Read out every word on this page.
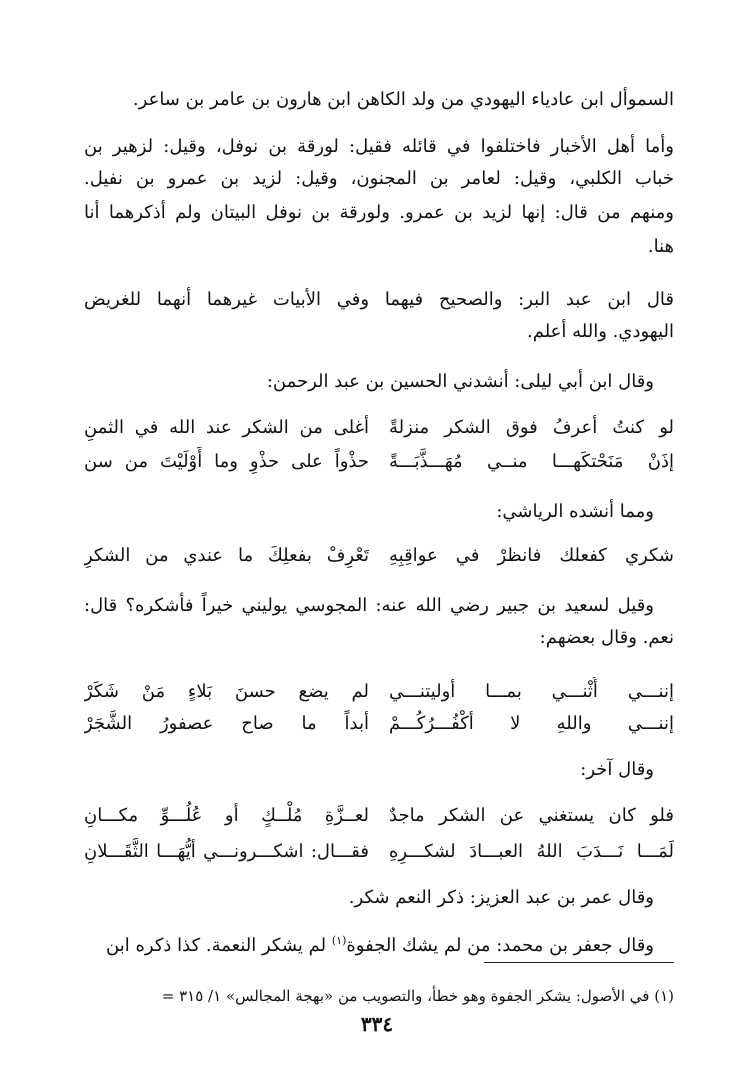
السموأل ابن عادياء اليهودي من ولد الكاهن ابن هارون بن عامر بن ساعر.
وأما أهل الأخبار فاختلفوا في قائله فقيل: لورقة بن نوفل، وقيل: لزهير بن
خباب الكلبي، وقيل: لعامر بن المجنون، وقيل: لزيد بن عمرو بن نفيل.
ومنهم من قال: إنها لزيد بن عمرو. ولورقة بن نوفل البيتان ولم أذكرهما أنا
هنا.
قال ابن عبد البر: والصحيح فيهما وفي الأبيات غيرهما أنهما للغريض
اليهودي. والله أعلم.
وقال ابن أبي ليلى: أنشدني الحسين بن عبد الرحمن:
لو كنتُ أعرفُ فوق الشكر منزلةً
أغلى من الشكر عند الله في الثمنِ
إذَنْ مَنَحْتكَهـــا منــي مُهَـــذَّبَـــةً
حذْواً على حذْوِ وما أَوْلَيْتَ من سن
ومما أنشده الرياشي:
شكري كفعلك فانظرْ في عواقِبِهِ
تَعْرِفْ بفعلِكَ ما عندي من الشكرِ
وقيل لسعيد بن جبير رضي الله عنه: المجوسي يوليني خيراً فأشكره؟ قال:
نعم. وقال بعضهم:
إننـــي أُثْنـــي بمـــا أوليتنـــي
لم يضع حسنَ بَلاءٍ مَنْ شَكَرْ
إننـــي واللهِ لا أكْفُـــرُكُـــمْ
أبداً ما صاح عصفورُ الشَّجَرْ
وقال آخر:
فلو كان يستغني عن الشكر ماجدٌ
لعــزَّةِ مُلْــكٍ أو عُلُـــوِّ مكـــانِ
لَمَـــا نَـــدَبَ اللهُ العبـــادَ لشكـــرِهِ
فقـــال: اشكـــرونـــي أيُّهَـــا الثَّقَـــلانِ
وقال عمر بن عبد العزيز: ذكر النعم شكر.
وقال جعفر بن محمد: من لم يشك الجفوة$^{(١)}$ لم يشكر النعمة. كذا ذكره ابن
(١) في الأصول: يشكر الجفوة وهو خطأ، والتصويب من «بهجة المجالس» ١/ ٣١٥ =
٣٣٤
